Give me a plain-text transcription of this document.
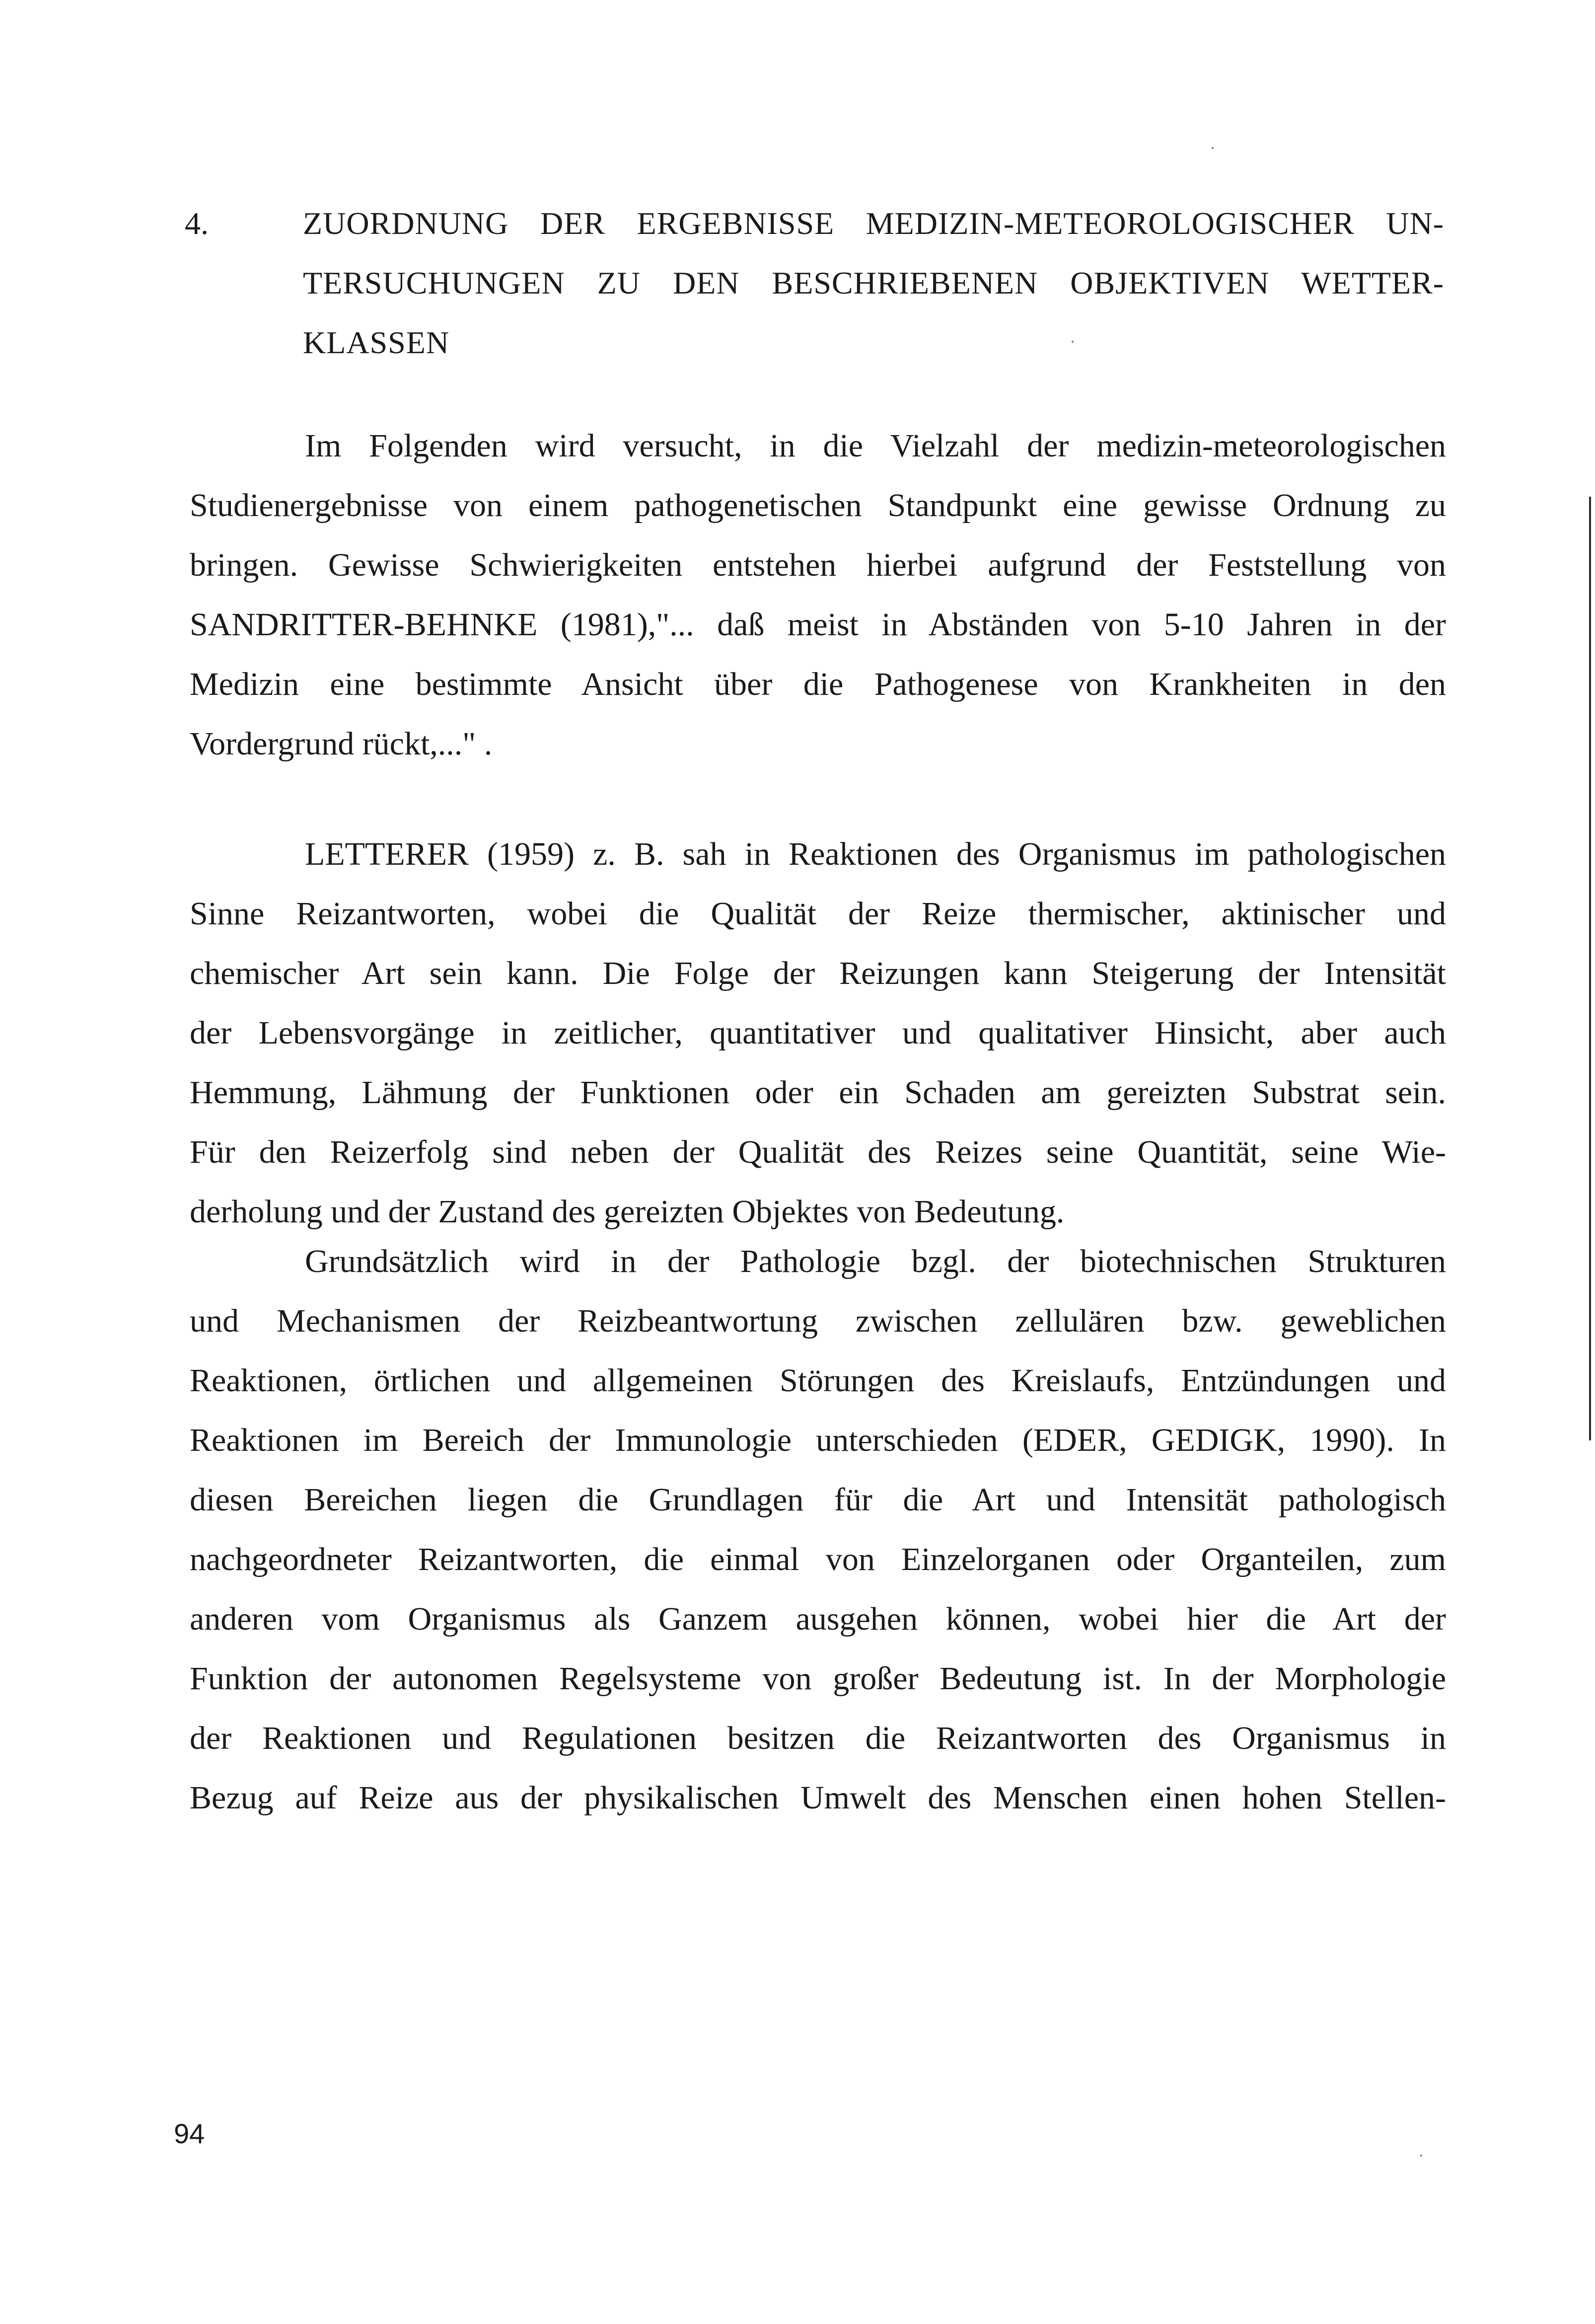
4.	ZUORDNUNG DER ERGEBNISSE MEDIZIN-METEOROLOGISCHER UN-
TERSUCHUNGEN ZU DEN BESCHRIEBENEN OBJEKTIVEN WETTER-
KLASSEN
Im Folgenden wird versucht, in die Vielzahl der medizin-meteorologischen
Studienergebnisse von einem pathogenetischen Standpunkt eine gewisse Ordnung zu
bringen. Gewisse Schwierigkeiten entstehen hierbei aufgrund der Feststellung von
SANDRITTER-BEHNKE (1981),"... daß meist in Abständen von 5-10 Jahren in der
Medizin eine bestimmte Ansicht über die Pathogenese von Krankheiten in den
Vordergrund rückt,..." .
LETTERER (1959) z. B. sah in Reaktionen des Organismus im pathologischen
Sinne Reizantworten, wobei die Qualität der Reize thermischer, aktinischer und
chemischer Art sein kann. Die Folge der Reizungen kann Steigerung der Intensität
der Lebensvorgänge in zeitlicher, quantitativer und qualitativer Hinsicht, aber auch
Hemmung, Lähmung der Funktionen oder ein Schaden am gereizten Substrat sein.
Für den Reizerfolg sind neben der Qualität des Reizes seine Quantität, seine Wie-
derholung und der Zustand des gereizten Objektes von Bedeutung.
Grundsätzlich wird in der Pathologie bzgl. der biotechnischen Strukturen
und Mechanismen der Reizbeantwortung zwischen zellulären bzw. geweblichen
Reaktionen, örtlichen und allgemeinen Störungen des Kreislaufs, Entzündungen und
Reaktionen im Bereich der Immunologie unterschieden (EDER, GEDIGK, 1990). In
diesen Bereichen liegen die Grundlagen für die Art und Intensität pathologisch
nachgeordneter Reizantworten, die einmal von Einzelorganen oder Organteilen, zum
anderen vom Organismus als Ganzem ausgehen können, wobei hier die Art der
Funktion der autonomen Regelsysteme von großer Bedeutung ist. In der Morphologie
der Reaktionen und Regulationen besitzen die Reizantworten des Organismus in
Bezug auf Reize aus der physikalischen Umwelt des Menschen einen hohen Stellen-
94
